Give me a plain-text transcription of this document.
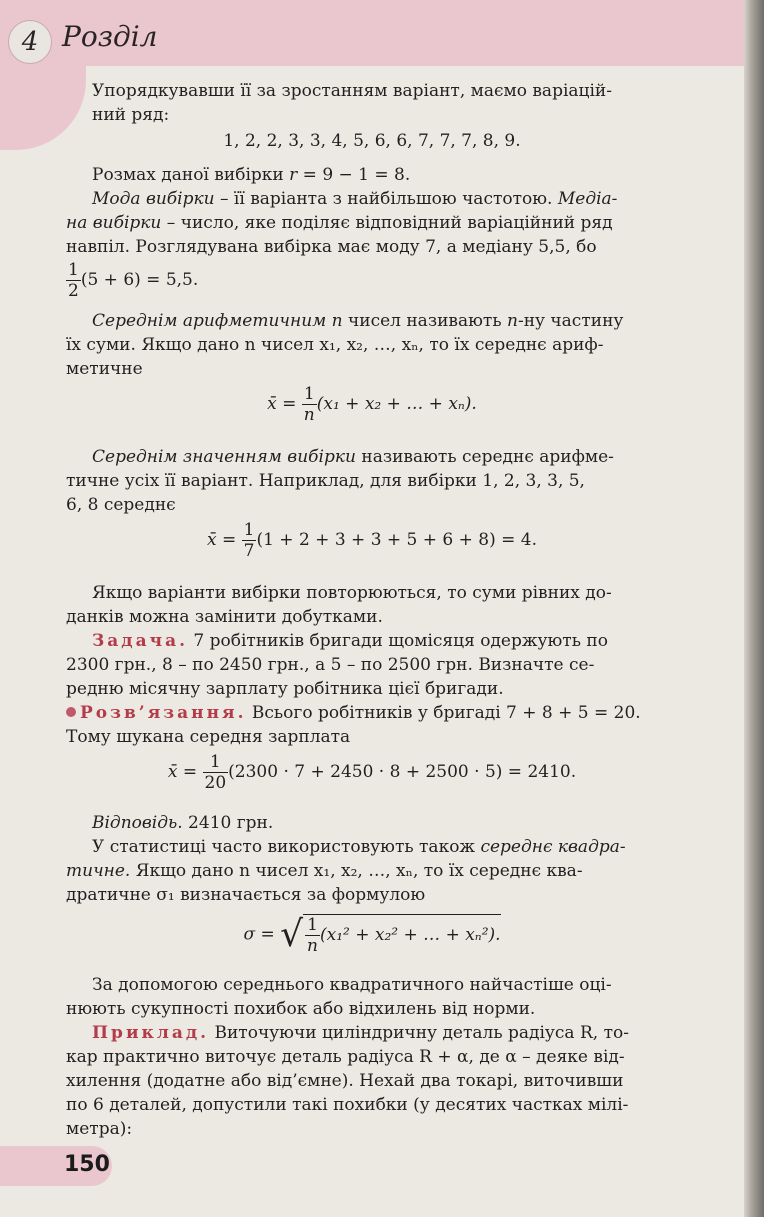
4 Розділ
Упорядкувавши її за зростанням варіант, маємо варіацій-
ний ряд:
1, 2, 2, 3, 3, 4, 5, 6, 6, 7, 7, 7, 8, 9.
Розмах даної вибірки r = 9 − 1 = 8.
Мода вибірки – її варіанта з найбільшою частотою. Медіа-
на вибірки – число, яке поділяє відповідний варіаційний ряд
навпіл. Розглядувана вибірка має моду 7, а медіану 5,5, бо
$\frac{1}{2} (5 + 6) = 5,5$.
Середнім арифметичним n чисел називають n-ну частину
їх суми. Якщо дано n чисел x₁, x₂, …, xₙ, то їх середнє ариф-
метичне
x̄ = $\frac{1}{n} (x_1 + x_2$ + … + xₙ).
Середнім значенням вибірки називають середнє арифме-
тичне усіх її варіант. Наприклад, для вибірки 1, 2, 3, 3, 5,
6, 8 середнє
x̄ = $\frac{1}{7} (1 + 2 + 3 + 3 + 5 + 6 + 8) = 4$.
Якщо варіанти вибірки повторюються, то суми рівних до-
данків можна замінити добутками.
Задача. 7 робітників бригади щомісяця одержують по
2300 грн., 8 – по 2450 грн., а 5 – по 2500 грн. Визначте се-
редню місячну зарплату робітника цієї бригади.
Розв’язання. Всього робітників у бригаді 7 + 8 + 5 = 20.
Тому шукана середня зарплата
x̄ = $\frac{1}{20} (2300 \cdot 7 + 2450 \cdot 8 + 2500 \cdot 5) = 2410$.
Відповідь. 2410 грн.
У статистиці часто використовують також середнє квадра-
тичне. Якщо дано n чисел x₁, x₂, …, xₙ, то їх середнє ква-
дратичне σ₁ визначається за формулою
σ = √ $\frac{1}{n} (x_1^2 + x_2^2$ + … + xₙ²).
За допомогою середнього квадратичного найчастіше оці-
нюють сукупності похибок або відхилень від норми.
Приклад. Виточуючи циліндричну деталь радіуса R, то-
кар практично виточує деталь радіуса R + α, де α – деяке від-
хилення (додатне або від’ємне). Нехай два токарі, виточивши
по 6 деталей, допустили такі похибки (у десятих частках мілі-
метра):
150
